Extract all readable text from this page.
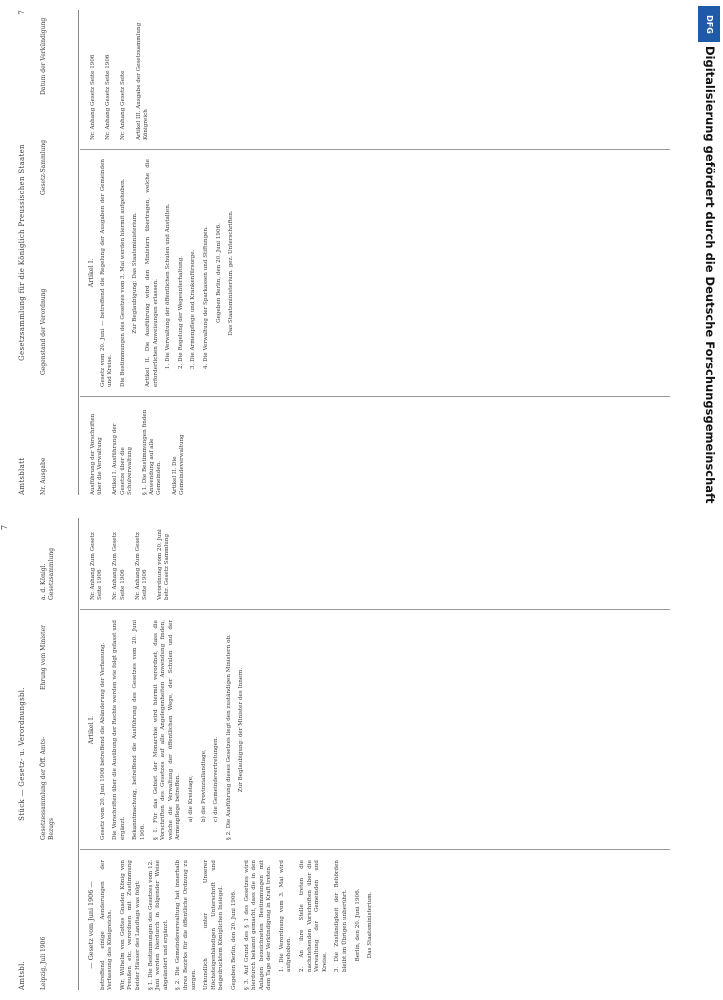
Amtsbl.
Stück — Gesetz- u. Verordnungsbl.
Leipzig, Juli 1906
Gesetzessammlung der Öff. Amts-Bezugs
Ehrung vom Minister
a. d. Königl. Gesetzsammlung

— Gesetz vom Juni 1906 — betreffend einige Aenderungen der Verfassung des Königreichs. Wir, Wilhelm von Gottes Gnaden König von Preußen etc. verordnen mit Zustimmung beider Häuser des Landtags was folgt: § 1. Die Bestimmungen des Gesetzes vom 12. Juni werden hierdurch in folgender Weise abgeändert und ergänzt. § 2. Die Gemeindeverwaltung hat innerhalb ihres Bezirks für die öffentliche Ordnung zu sorgen. Urkundlich unter Unserer Höchsteigenhändigen Unterschrift und beigedrucktem Königlichen Insiegel. Gegeben Berlin, den 20. Juni 1906. § 3. Auf Grund des § 1 des Gesetzes wird hierdurch bekannt gemacht, dass die in den Anlagen bezeichneten Bestimmungen mit dem Tage der Verkündigung in Kraft treten. 1. Die Verordnung vom 3. Mai wird aufgehoben. 2. An ihre Stelle treten die nachstehenden Vorschriften über die Verwaltung der Gemeinden und Kreise. 3. Die Zuständigkeit der Behörden bleibt im Übrigen unberührt. Berlin, den 20. Juni 1906. Das Staatsministerium.

Artikel I. Gesetz vom 20. Juni 1906 betreffend die Abänderung der Verfassung. Die Vorschriften über die Ausübung der Rechte werden wie folgt gefasst und ergänzt. Bekanntmachung, betreffend die Ausführung des Gesetzes vom 20. Juni 1906. § 1. Für das Gebiet der Monarchie wird hiermit verordnet, dass die Vorschriften des Gesetzes auf alle Angelegenheiten Anwendung finden, welche die Verwaltung der öffentlichen Wege, der Schulen und der Armenpflege betreffen. a) die Kreistage, b) die Provinziallandtage, c) die Gemeindevertretungen. § 2. Die Ausführung dieses Gesetzes liegt den zuständigen Ministern ob. Zur Beglaubigung: der Minister des Innern.

Nr. Anhang Zum Gesetz Seite 1906 Nr. Anhang Zum Gesetz Seite 1906 Nr. Anhang Zum Gesetz Seite 1906 Verordnung vom 20. Juni betr. Gesetz Sammlung

7
Amtsblatt
Gesetzsammlung für die Königlich Preussischen Staaten
7
Nr. Ausgabe
Gegenstand der Verordnung
Gesetz-Sammlung
Datum der Verkündigung

Ausführung der Vorschriften über die Verwaltung Artikel I. Ausführung der Gesetze über die Schulverwaltung § 1. Die Bestimmungen finden Anwendung auf alle Gemeinden. Artikel II. Die Gemeindeverwaltung

Artikel I. Gesetz vom 20. Juni — betreffend die Regelung der Ausgaben der Gemeinden und Kreise. Die Bestimmungen des Gesetzes vom 3. Mai werden hiermit aufgehoben. Zur Beglaubigung: Das Staatsministerium. Artikel II. Die Ausführung wird den Ministern übertragen, welche die erforderlichen Anweisungen erlassen. 1. Die Verwaltung der öffentlichen Schulen und Anstalten. 2. Die Regelung der Wegeunterhaltung. 3. Die Armenpflege und Krankenfürsorge. 4. Die Verwaltung der Sparkassen und Stiftungen. Gegeben Berlin, den 20. Juni 1906. Das Staatsministerium. gez. Unterschriften.

Nr. Anhang Gesetz Seite 1906 Nr. Anhang Gesetz Seite 1906 Nr. Anhang Gesetz Seite Artikel III. Ausgabe der Gesetzsammlung Königreich

DFG
Digitalisierung gefördert durch die Deutsche Forschungsgemeinschaft
